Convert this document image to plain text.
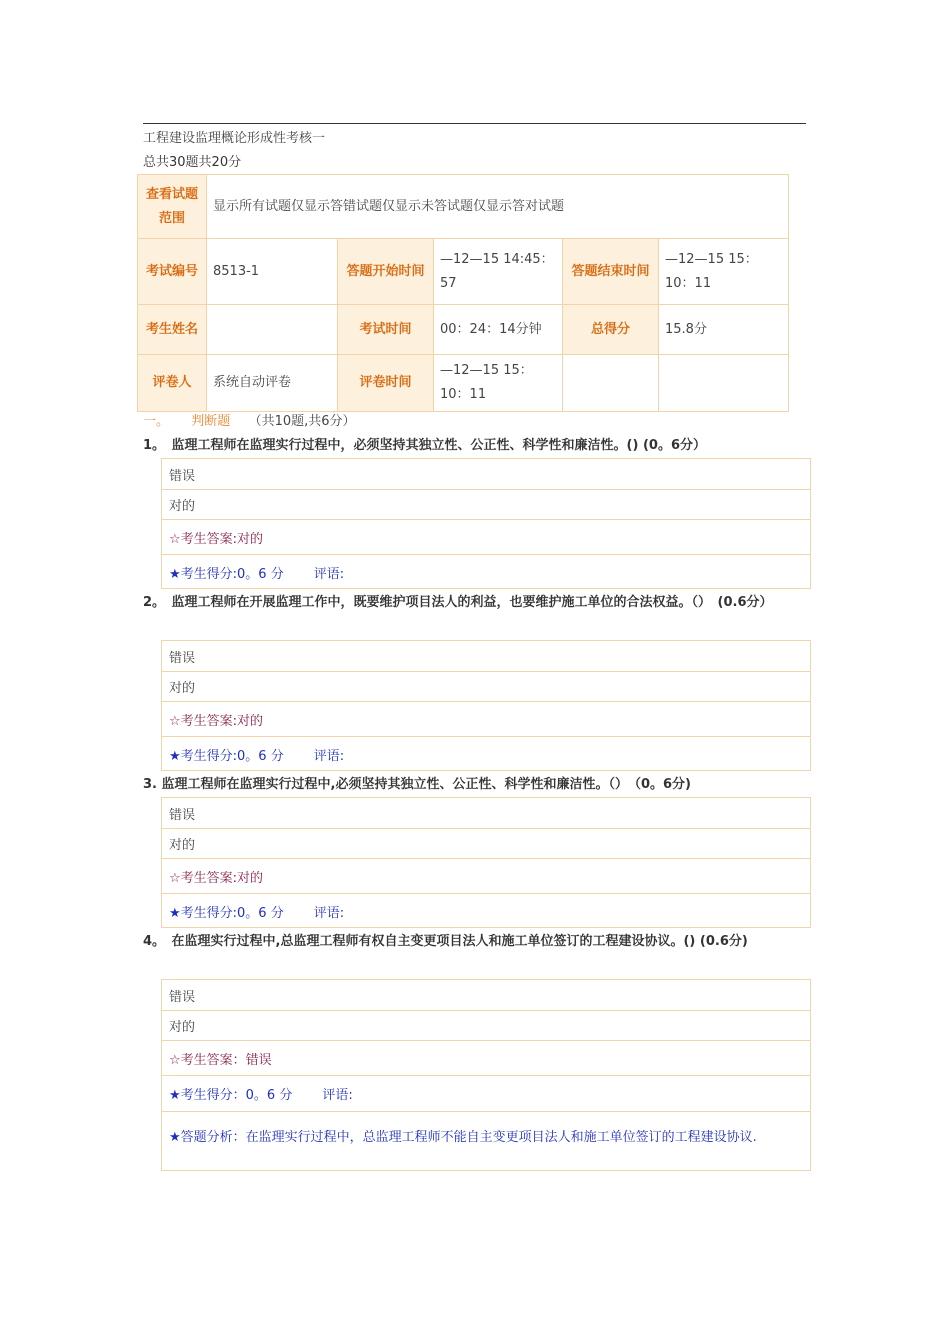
工程建设监理概论形成性考核一
总共30题共20分
查看试题范围	显示所有试题仅显示答错试题仅显示未答试题仅显示答对试题				
考试编号	8513-1	答题开始时间	—12—15 14:45：57	答题结束时间	—12—15 15：10：11
考生姓名		考试时间	00：24：14分钟	总得分	15.8分
评卷人	系统自动评卷	评卷时间	—12—15 15：10：11		
一。 判断题 （共10题,共6分）
1。　监理工程师在监理实行过程中，必须坚持其独立性、公正性、科学性和廉洁性。() (0。6分）
错误
对的
☆考生答案:对的
★考生得分:0。6 分 评语:
2。　监理工程师在开展监理工作中，既要维护项目法人的利益，也要维护施工单位的合法权益。（）　(0.6分）
错误
对的
☆考生答案:对的
★考生得分:0。6 分 评语:
3. 监理工程师在监理实行过程中,必须坚持其独立性、公正性、科学性和廉洁性。（）　（0。6分)
错误
对的
☆考生答案:对的
★考生得分:0。6 分 评语:
4。　在监理实行过程中,总监理工程师有权自主变更项目法人和施工单位签订的工程建设协议。() (0.6分)
错误
对的
☆考生答案：错误
★考生得分：0。6 分 评语:
★答题分析：在监理实行过程中，总监理工程师不能自主变更项目法人和施工单位签订的工程建设协议.
